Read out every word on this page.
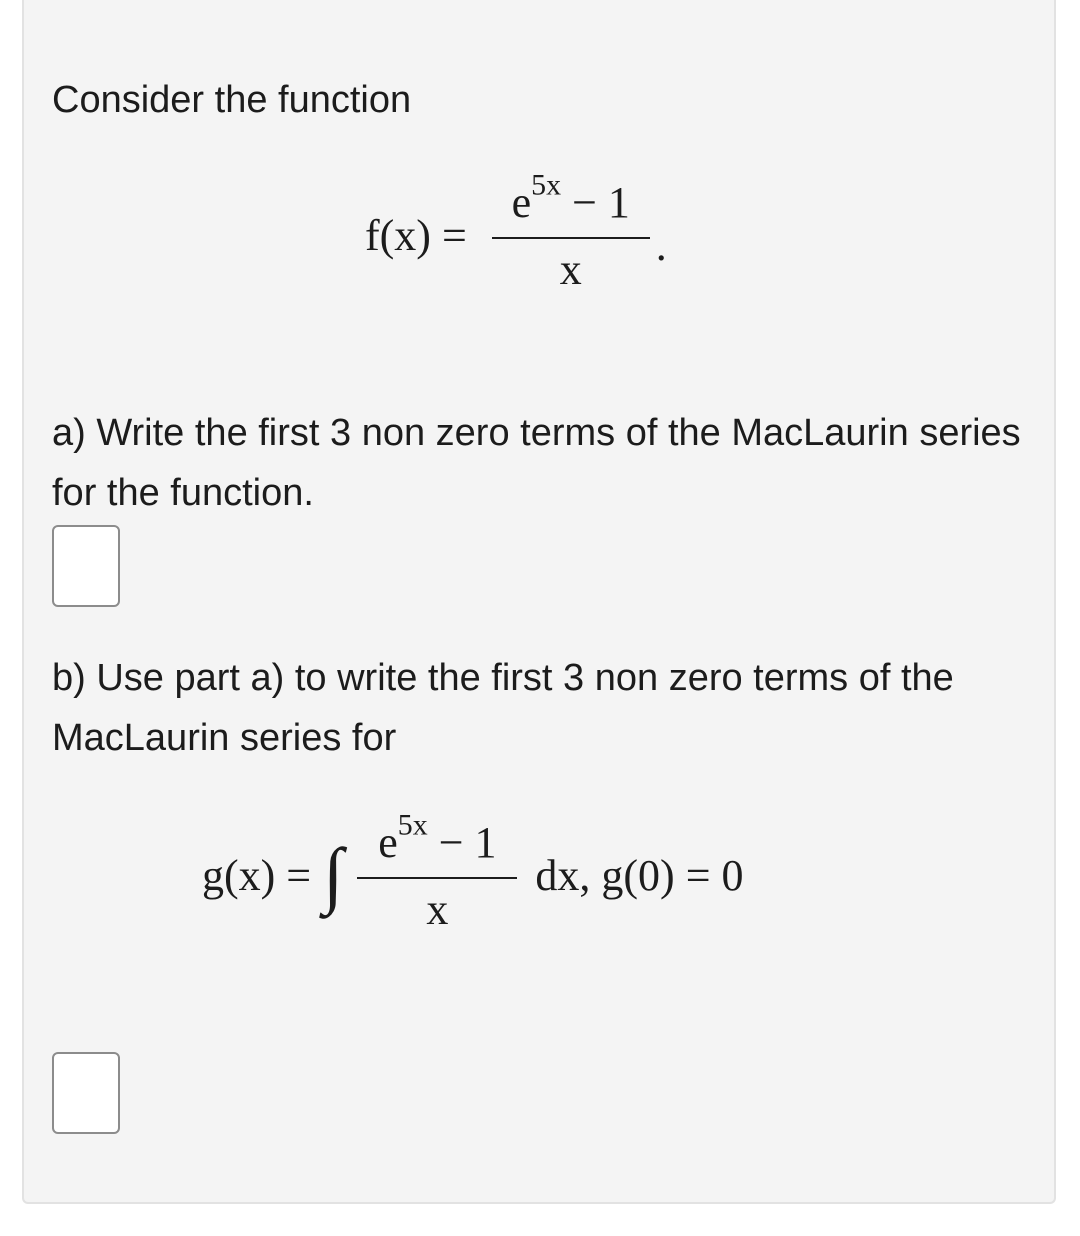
Consider the function

$f(x) = \frac{e^{5x} - 1}{x}$ .

a) Write the first 3 non zero terms of the MacLaurin series for the function.

b) Use part a) to write the first 3 non zero terms of the MacLaurin series for

g(x) = ∫ $\frac{e^{5x} - 1}{x}$ dx, g(0) = 0
